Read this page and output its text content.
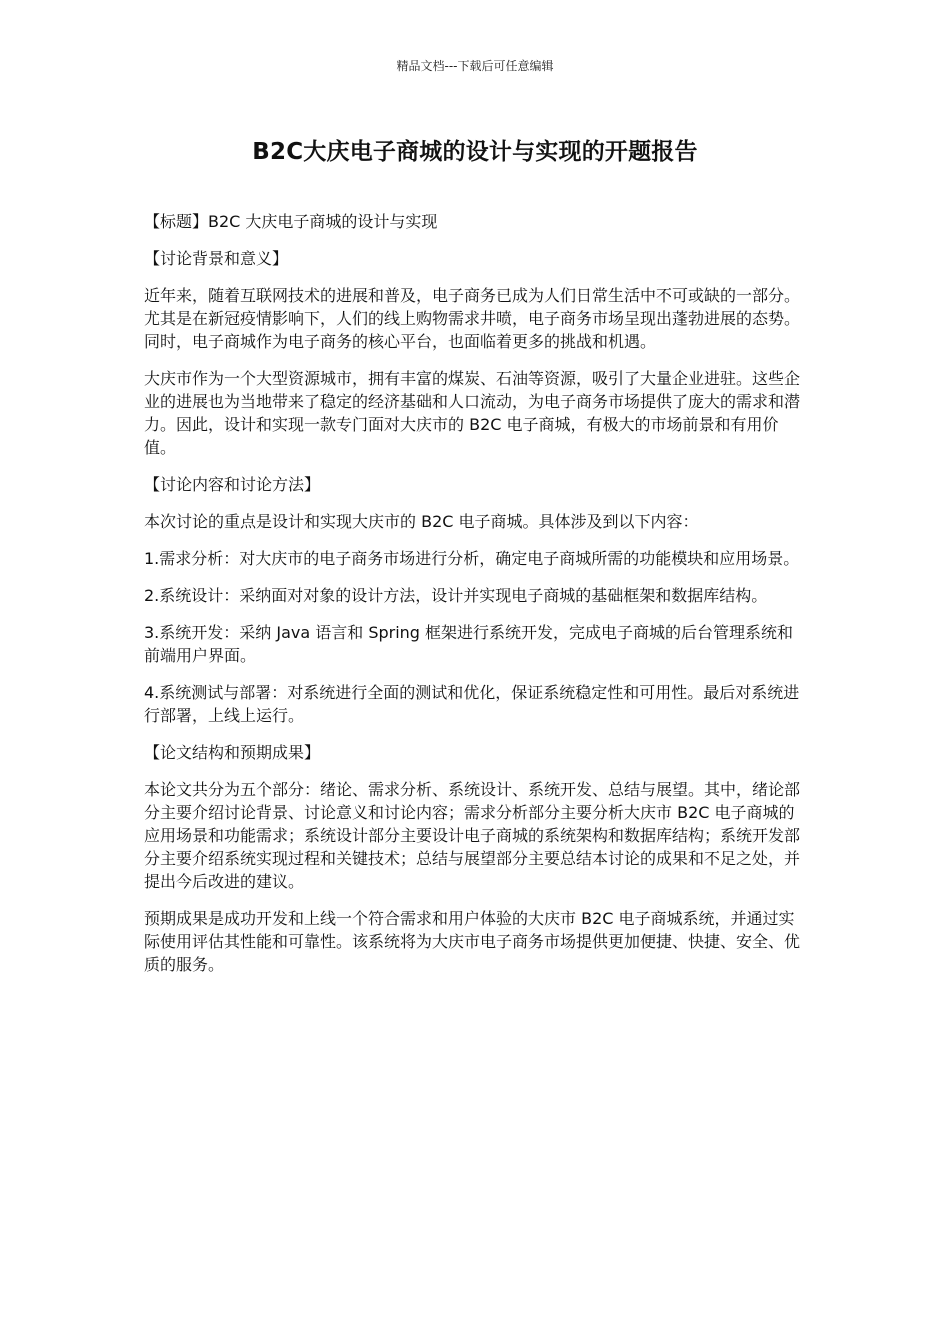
精品文档---下载后可任意编辑
B2C大庆电子商城的设计与实现的开题报告

【标题】B2C 大庆电子商城的设计与实现

【讨论背景和意义】

近年来，随着互联网技术的进展和普及，电子商务已成为人们日常生活中不可或缺的一部分。尤其是在新冠疫情影响下，人们的线上购物需求井喷，电子商务市场呈现出蓬勃进展的态势。同时，电子商城作为电子商务的核心平台，也面临着更多的挑战和机遇。

大庆市作为一个大型资源城市，拥有丰富的煤炭、石油等资源，吸引了大量企业进驻。这些企业的进展也为当地带来了稳定的经济基础和人口流动，为电子商务市场提供了庞大的需求和潜力。因此，设计和实现一款专门面对大庆市的 B2C 电子商城，有极大的市场前景和有用价值。

【讨论内容和讨论方法】

本次讨论的重点是设计和实现大庆市的 B2C 电子商城。具体涉及到以下内容：

1.需求分析：对大庆市的电子商务市场进行分析，确定电子商城所需的功能模块和应用场景。

2.系统设计：采纳面对对象的设计方法，设计并实现电子商城的基础框架和数据库结构。

3.系统开发：采纳 Java 语言和 Spring 框架进行系统开发，完成电子商城的后台管理系统和前端用户界面。

4.系统测试与部署：对系统进行全面的测试和优化，保证系统稳定性和可用性。最后对系统进行部署，上线上运行。

【论文结构和预期成果】

本论文共分为五个部分：绪论、需求分析、系统设计、系统开发、总结与展望。其中，绪论部分主要介绍讨论背景、讨论意义和讨论内容；需求分析部分主要分析大庆市 B2C 电子商城的应用场景和功能需求；系统设计部分主要设计电子商城的系统架构和数据库结构；系统开发部分主要介绍系统实现过程和关键技术；总结与展望部分主要总结本讨论的成果和不足之处，并提出今后改进的建议。

预期成果是成功开发和上线一个符合需求和用户体验的大庆市 B2C 电子商城系统，并通过实际使用评估其性能和可靠性。该系统将为大庆市电子商务市场提供更加便捷、快捷、安全、优质的服务。
